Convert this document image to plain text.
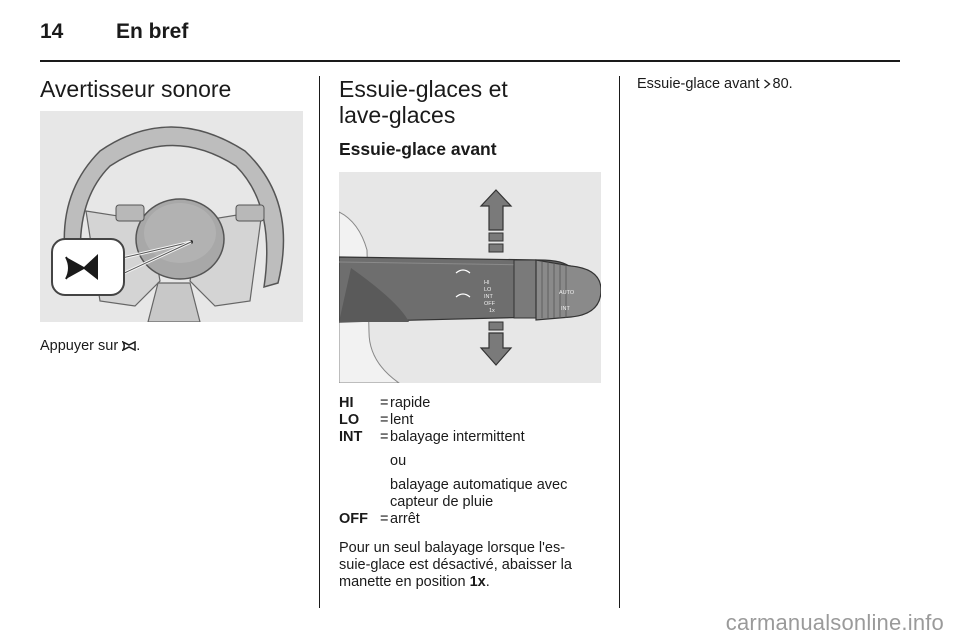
14	En bref
Avertisseur sonore
Appuyer sur .
Essuie-glaces et
lave-glaces
Essuie-glace avant
HI
LO
INT
OFF
1x
AUTO
INT
HI	=	rapide
LO	=	lent
INT	=	balayage intermittent
ou
balayage automatique avec
capteur de pluie

OFF	=	arrêt
Pour un seul balayage lorsque l'es-
suie-glace est désactivé, abaisser la
manette en position 1x.
Essuie-glace avant 80.
carmanualsonline.info
